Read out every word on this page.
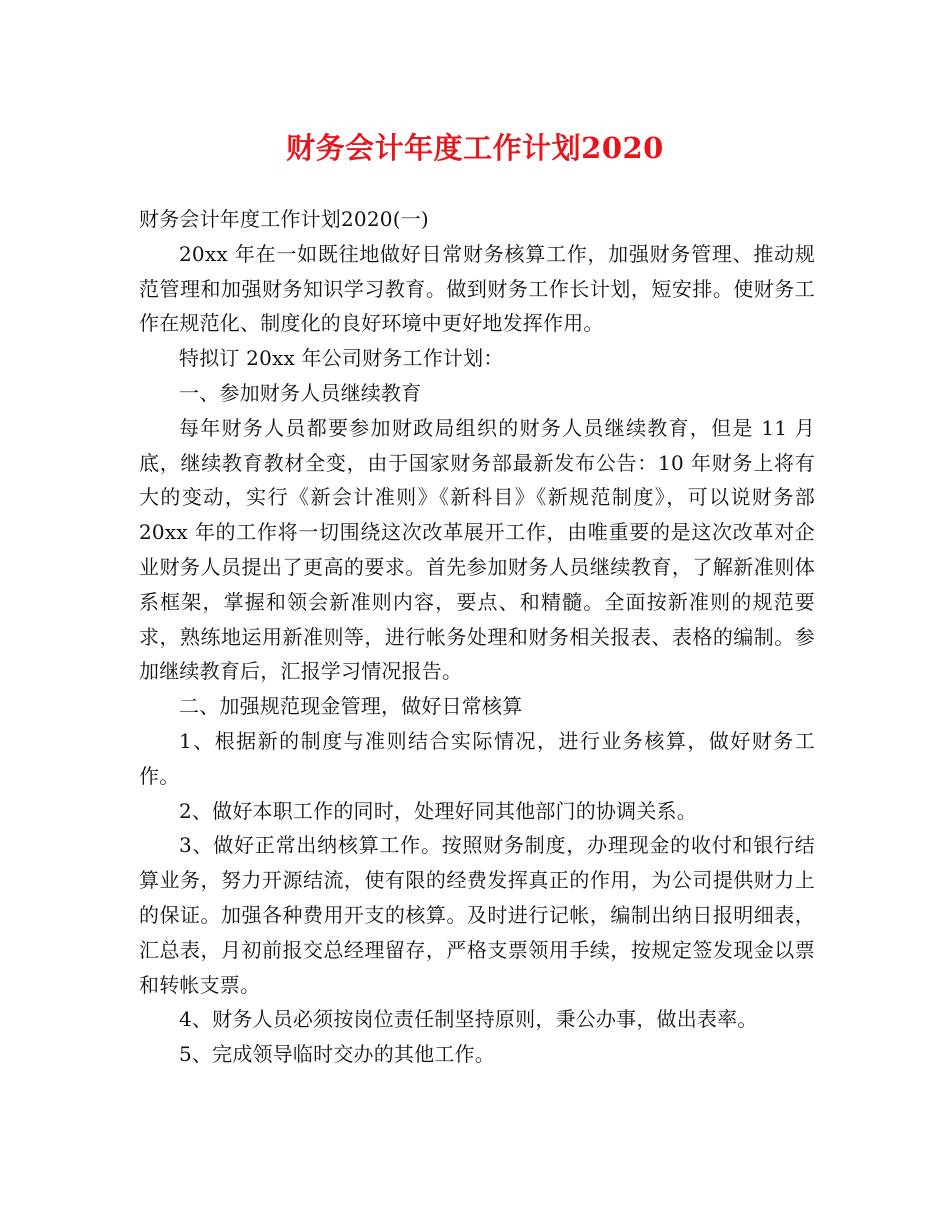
财务会计年度工作计划2020

财务会计年度工作计划2020(一)

20xx 年在一如既往地做好日常财务核算工作，加强财务管理、推动规范管理和加强财务知识学习教育。做到财务工作长计划，短安排。使财务工作在规范化、制度化的良好环境中更好地发挥作用。

特拟订 20xx 年公司财务工作计划：

一、参加财务人员继续教育

每年财务人员都要参加财政局组织的财务人员继续教育，但是 11 月底，继续教育教材全变，由于国家财务部最新发布公告：10 年财务上将有大的变动，实行《新会计准则》《新科目》《新规范制度》，可以说财务部 20xx 年的工作将一切围绕这次改革展开工作，由唯重要的是这次改革对企业财务人员提出了更高的要求。首先参加财务人员继续教育，了解新准则体系框架，掌握和领会新准则内容，要点、和精髓。全面按新准则的规范要求，熟练地运用新准则等，进行帐务处理和财务相关报表、表格的编制。参加继续教育后，汇报学习情况报告。

二、加强规范现金管理，做好日常核算

1、根据新的制度与准则结合实际情况，进行业务核算，做好财务工作。

2、做好本职工作的同时，处理好同其他部门的协调关系。

3、做好正常出纳核算工作。按照财务制度，办理现金的收付和银行结算业务，努力开源结流，使有限的经费发挥真正的作用，为公司提供财力上的保证。加强各种费用开支的核算。及时进行记帐，编制出纳日报明细表，汇总表，月初前报交总经理留存，严格支票领用手续，按规定签发现金以票和转帐支票。

4、财务人员必须按岗位责任制坚持原则，秉公办事，做出表率。

5、完成领导临时交办的其他工作。
